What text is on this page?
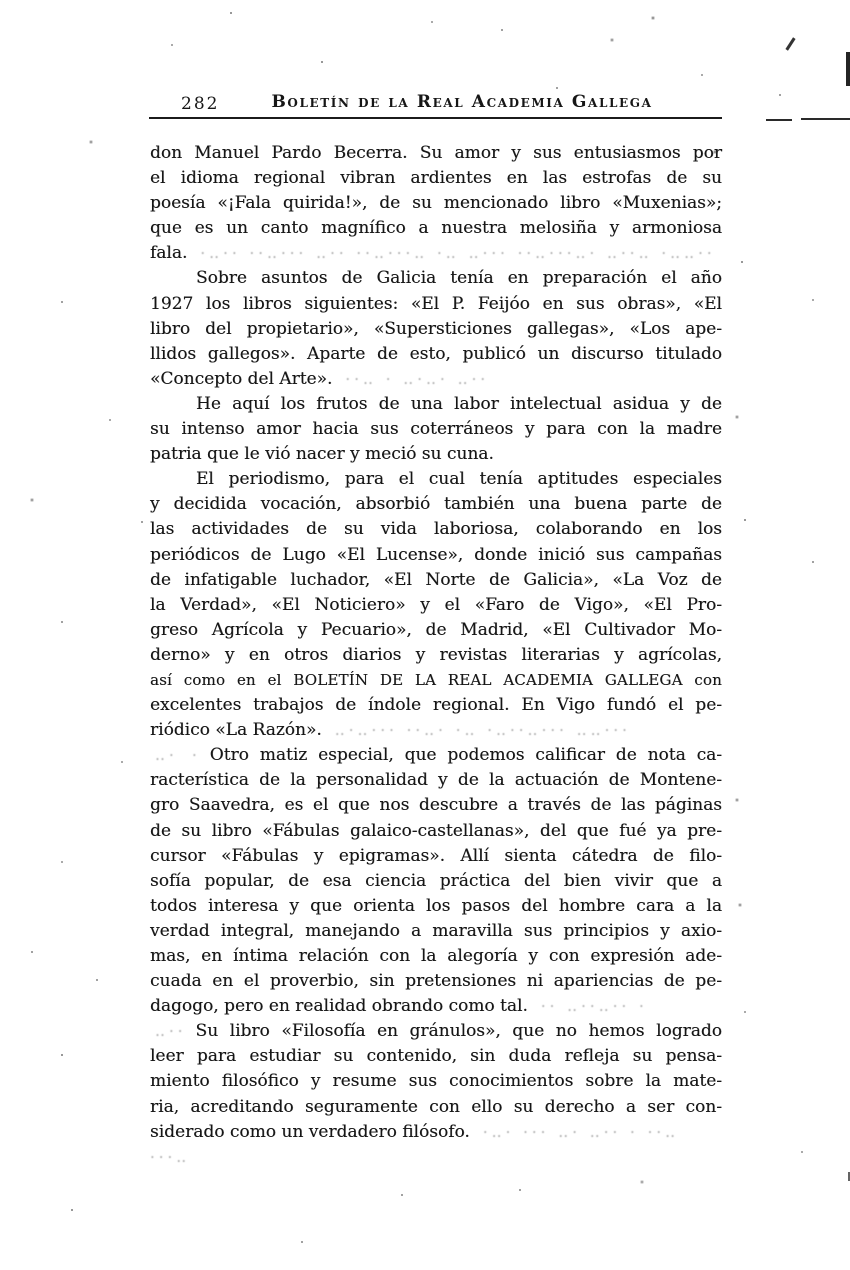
282	Boletín de la Real Academia Gallega
don Manuel Pardo Becerra. Su amor y sus entusiasmos por
el idioma regional vibran ardientes en las estrofas de su
poesía «¡Fala quirida!», de su mencionado libro «Muxenias»;
que es un canto magnífico a nuestra melosiña y armoniosa
fala. ·‥·· ··‥··· ‥·· ··‥···‥ ·‥ ‥··· ··‥···‥· ‥··‥ ·‥‥··
Sobre asuntos de Galicia tenía en preparación el año
1927 los libros siguientes: «El P. Feijóo en sus obras», «El
libro del propietario», «Supersticiones gallegas», «Los ape-
llidos gallegos». Aparte de esto, publicó un discurso titulado
«Concepto del Arte». ··‥ · ‥·‥· ‥··
He aquí los frutos de una labor intelectual asidua y de
su intenso amor hacia sus coterráneos y para con la madre
patria que le vió nacer y meció su cuna.
El periodismo, para el cual tenía aptitudes especiales
y decidida vocación, absorbió también una buena parte de
las actividades de su vida laboriosa, colaborando en los
periódicos de Lugo «El Lucense», donde inició sus campañas
de infatigable luchador, «El Norte de Galicia», «La Voz de
la Verdad», «El Noticiero» y el «Faro de Vigo», «El Pro-
greso Agrícola y Pecuario», de Madrid, «El Cultivador Mo-
derno» y en otros diarios y revistas literarias y agrícolas,
así como en el BOLETÍN DE LA REAL ACADEMIA GALLEGA con
excelentes trabajos de índole regional. En Vigo fundó el pe-
riódico «La Razón». ‥·‥··· ··‥· ·‥ ·‥··‥··· ‥‥···
‥· · Otro matiz especial, que podemos calificar de nota ca-
racterística de la personalidad y de la actuación de Montene-
gro Saavedra, es el que nos descubre a través de las páginas
de su libro «Fábulas galaico-castellanas», del que fué ya pre-
cursor «Fábulas y epigramas». Allí sienta cátedra de filo-
sofía popular, de esa ciencia práctica del bien vivir que a
todos interesa y que orienta los pasos del hombre cara a la
verdad integral, manejando a maravilla sus principios y axio-
mas, en íntima relación con la alegoría y con expresión ade-
cuada en el proverbio, sin pretensiones ni apariencias de pe-
dagogo, pero en realidad obrando como tal. ·· ‥··‥·· ·
‥·· Su libro «Filosofía en gránulos», que no hemos logrado
leer para estudiar su contenido, sin duda refleja su pensa-
miento filosófico y resume sus conocimientos sobre la mate-
ria, acreditando seguramente con ello su derecho a ser con-
siderado como un verdadero filósofo. ·‥· ··· ‥· ‥·· · ··‥ ···‥
